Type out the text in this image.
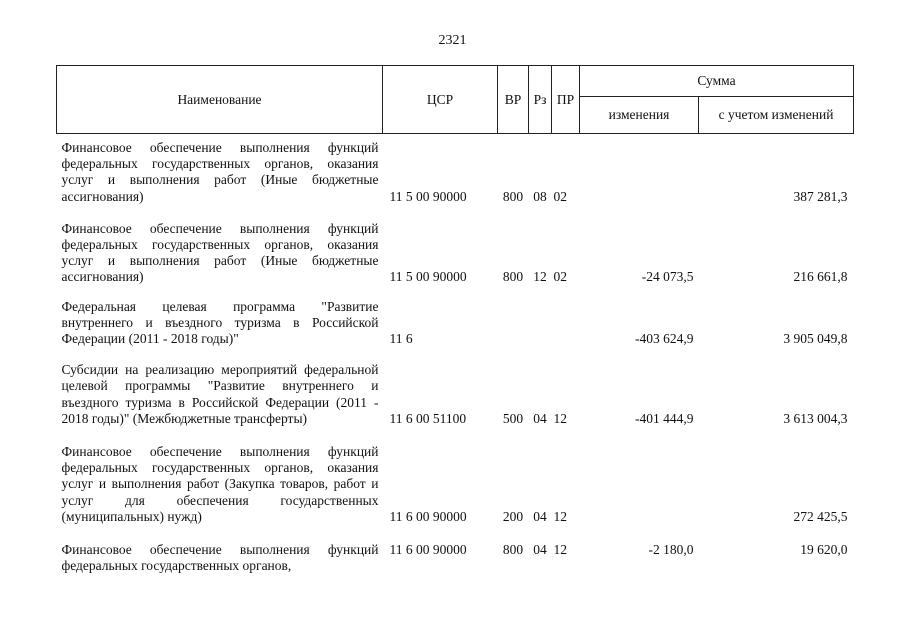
2321
Наименование	ЦСР	ВР	Рз	ПР	Сумма	
					изменения	с учетом изменений
Финансовое обеспечение выполнения функций федеральных государственных органов, оказания услуг и выполнения работ (Иные бюджетные ассигнования)	11 5 00 90000	800	08	02		387 281,3
Финансовое обеспечение выполнения функций федеральных государственных органов, оказания услуг и выполнения работ (Иные бюджетные ассигнования)	11 5 00 90000	800	12	02	-24 073,5	216 661,8
Федеральная целевая программа "Развитие внутреннего и въездного туризма в Российской Федерации (2011 - 2018 годы)"	11 6				-403 624,9	3 905 049,8
Субсидии на реализацию мероприятий федеральной целевой программы "Развитие внутреннего и въездного туризма в Российской Федерации (2011 - 2018 годы)" (Межбюджетные трансферты)	11 6 00 51100	500	04	12	-401 444,9	3 613 004,3
Финансовое обеспечение выполнения функций федеральных государственных органов, оказания услуг и выполнения работ (Закупка товаров, работ и услуг для обеспечения государственных (муниципальных) нужд)	11 6 00 90000	200	04	12		272 425,5
Финансовое обеспечение выполнения функций федеральных государственных органов,	11 6 00 90000	800	04	12	-2 180,0	19 620,0
